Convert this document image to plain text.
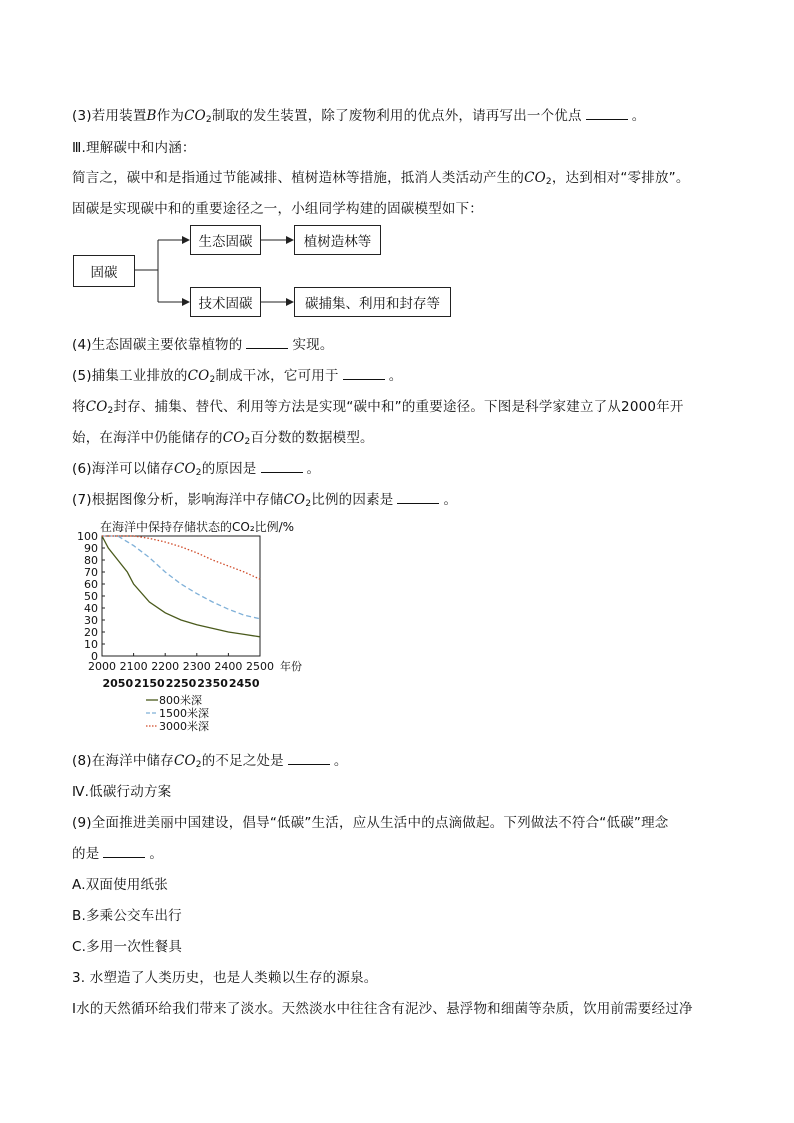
(3)若用装置B作为$CO_2$制取的发生装置，除了废物利用的优点外，请再写出一个优点	。
Ⅲ.理解碳中和内涵：
简言之，碳中和是指通过节能减排、植树造林等措施，抵消人类活动产生的$CO_2$，达到相对“零排放”。
固碳是实现碳中和的重要途径之一，小组同学构建的固碳模型如下：
固碳
生态固碳	植树造林等
技术固碳	碳捕集、利用和封存等
(4)生态固碳主要依靠植物的	实现。
(5)捕集工业排放的$CO_2$制成干冰，它可用于	。
将$CO_2$封存、捕集、替代、利用等方法是实现“碳中和”的重要途径。下图是科学家建立了从2000年开
始，在海洋中仍能储存的$CO_2$百分数的数据模型。
(6)海洋可以储存$CO_2$的原因是	。
(7)根据图像分析，影响海洋中存储$CO_2$比例的因素是	。
在海洋中保持存储状态的CO₂比例/%
0
10
20
30
40
50
60
70
80
90
100
2000 2100 2200 2300 2400 2500
2050 2150 2250 2350 2450
年份
800米深
1500米深
3000米深
(8)在海洋中储存$CO_2$的不足之处是	。
Ⅳ.低碳行动方案
(9)全面推进美丽中国建设，倡导“低碳”生活，应从生活中的点滴做起。下列做法不符合“低碳”理念
的是	。
A.双面使用纸张
B.多乘公交车出行
C.多用一次性餐具
3. 水塑造了人类历史，也是人类赖以生存的源泉。
Ⅰ水的天然循环给我们带来了淡水。天然淡水中往往含有泥沙、悬浮物和细菌等杂质，饮用前需要经过净
